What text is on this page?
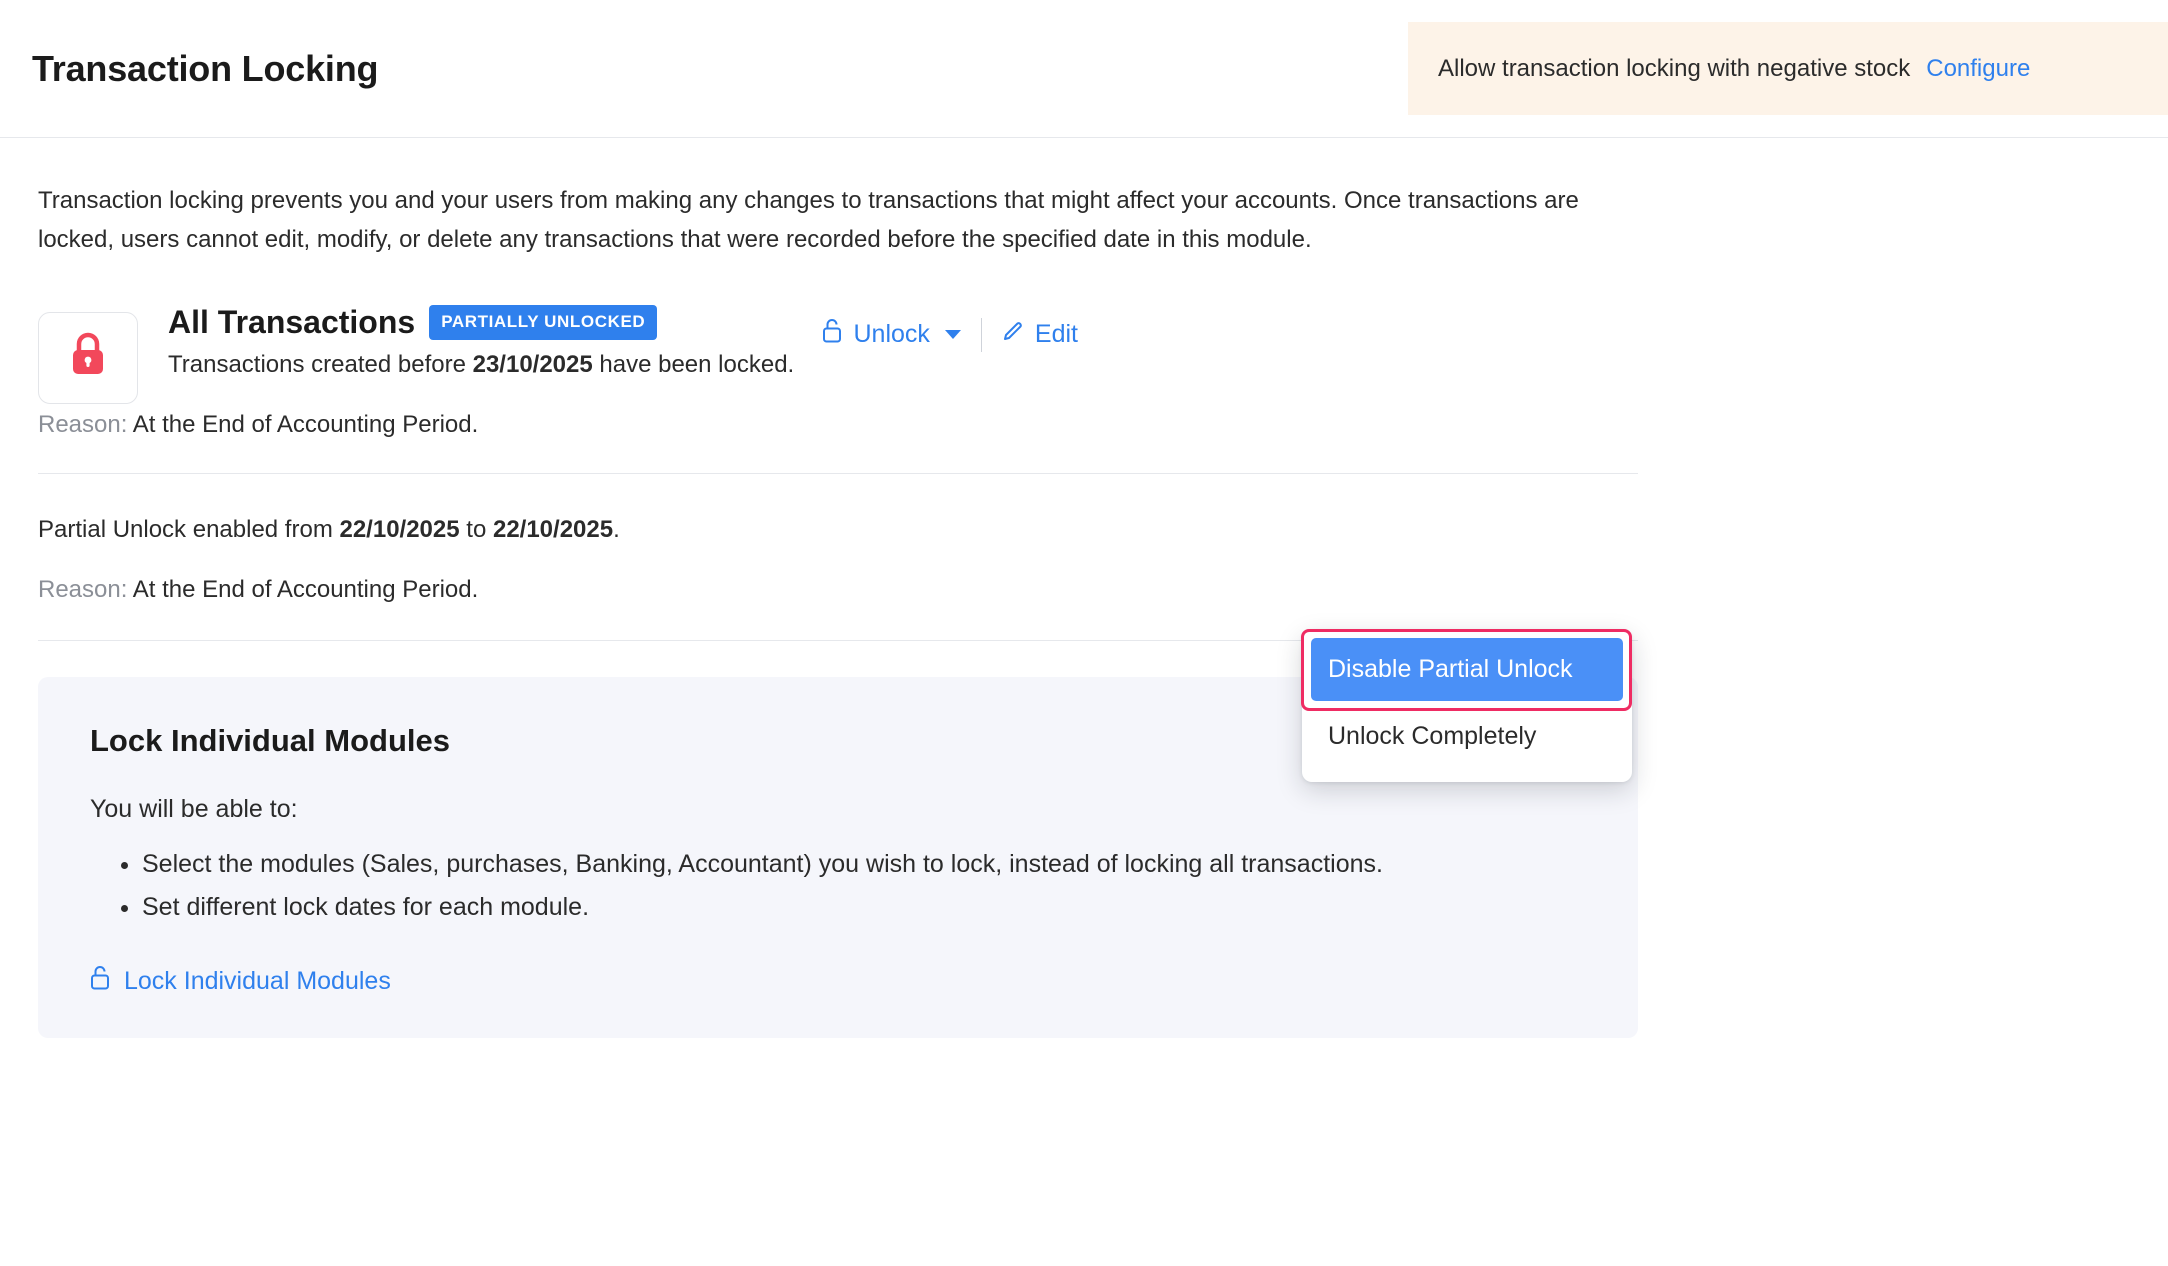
Transaction Locking	Allow transaction locking with negative stock Configure
Transaction locking prevents you and your users from making any changes to transactions that might affect your accounts. Once transactions are locked, users cannot edit, modify, or delete any transactions that were recorded before the specified date in this module.
All Transactions	PARTIALLY UNLOCKED
Transactions created before 23/10/2025 have been locked.
Reason: At the End of Accounting Period.
Unlock	Edit
Partial Unlock enabled from 22/10/2025 to 22/10/2025.
Reason: At the End of Accounting Period.
Lock Individual Modules
You will be able to:
• Select the modules (Sales, purchases, Banking, Accountant) you wish to lock, instead of locking all transactions.
• Set different lock dates for each module.
Lock Individual Modules
Disable Partial Unlock
Unlock Completely
